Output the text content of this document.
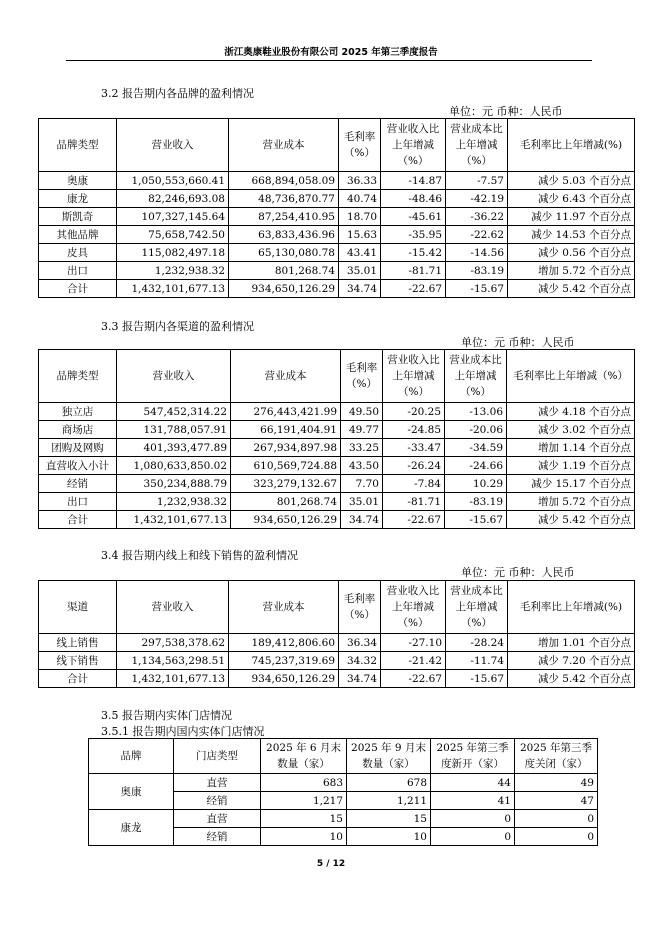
浙江奥康鞋业股份有限公司 2025 年第三季度报告
3.2 报告期内各品牌的盈利情况
单位：元 币种：人民币
品牌类型	营业收入	营业成本	毛利率（%）	营业收入比上年增减（%）	营业成本比上年增减（%）	毛利率比上年增减(%)
奥康	1,050,553,660.41	668,894,058.09	36.33	-14.87	-7.57	减少 5.03 个百分点
康龙	82,246,693.08	48,736,870.77	40.74	-48.46	-42.19	减少 6.43 个百分点
斯凯奇	107,327,145.64	87,254,410.95	18.70	-45.61	-36.22	减少 11.97 个百分点
其他品牌	75,658,742.50	63,833,436.96	15.63	-35.95	-22.62	减少 14.53 个百分点
皮具	115,082,497.18	65,130,080.78	43.41	-15.42	-14.56	减少 0.56 个百分点
出口	1,232,938.32	801,268.74	35.01	-81.71	-83.19	增加 5.72 个百分点
合计	1,432,101,677.13	934,650,126.29	34.74	-22.67	-15.67	减少 5.42 个百分点
3.3 报告期内各渠道的盈利情况
单位：元 币种：人民币
品牌类型	营业收入	营业成本	毛利率（%）	营业收入比上年增减（%）	营业成本比上年增减（%）	毛利率比上年增减（%）
独立店	547,452,314.22	276,443,421.99	49.50	-20.25	-13.06	减少 4.18 个百分点
商场店	131,788,057.91	66,191,404.91	49.77	-24.85	-20.06	减少 3.02 个百分点
团购及网购	401,393,477.89	267,934,897.98	33.25	-33.47	-34.59	增加 1.14 个百分点
直营收入小计	1,080,633,850.02	610,569,724.88	43.50	-26.24	-24.66	减少 1.19 个百分点
经销	350,234,888.79	323,279,132.67	7.70	-7.84	10.29	减少 15.17 个百分点
出口	1,232,938.32	801,268.74	35.01	-81.71	-83.19	增加 5.72 个百分点
合计	1,432,101,677.13	934,650,126.29	34.74	-22.67	-15.67	减少 5.42 个百分点
3.4 报告期内线上和线下销售的盈利情况
单位：元 币种：人民币
渠道	营业收入	营业成本	毛利率（%）	营业收入比上年增减（%）	营业成本比上年增减（%）	毛利率比上年增减(%)
线上销售	297,538,378.62	189,412,806.60	36.34	-27.10	-28.24	增加 1.01 个百分点
线下销售	1,134,563,298.51	745,237,319.69	34.32	-21.42	-11.74	减少 7.20 个百分点
合计	1,432,101,677.13	934,650,126.29	34.74	-22.67	-15.67	减少 5.42 个百分点
3.5 报告期内实体门店情况
3.5.1 报告期内国内实体门店情况
品牌	门店类型	2025 年 6 月末数量（家）	2025 年 9 月末数量（家）	2025 年第三季度新开（家）	2025 年第三季度关闭（家）
奥康	直营	683	678	44	49
	经销	1,217	1,211	41	47
康龙	直营	15	15	0	0
	经销	10	10	0	0
5 / 12
